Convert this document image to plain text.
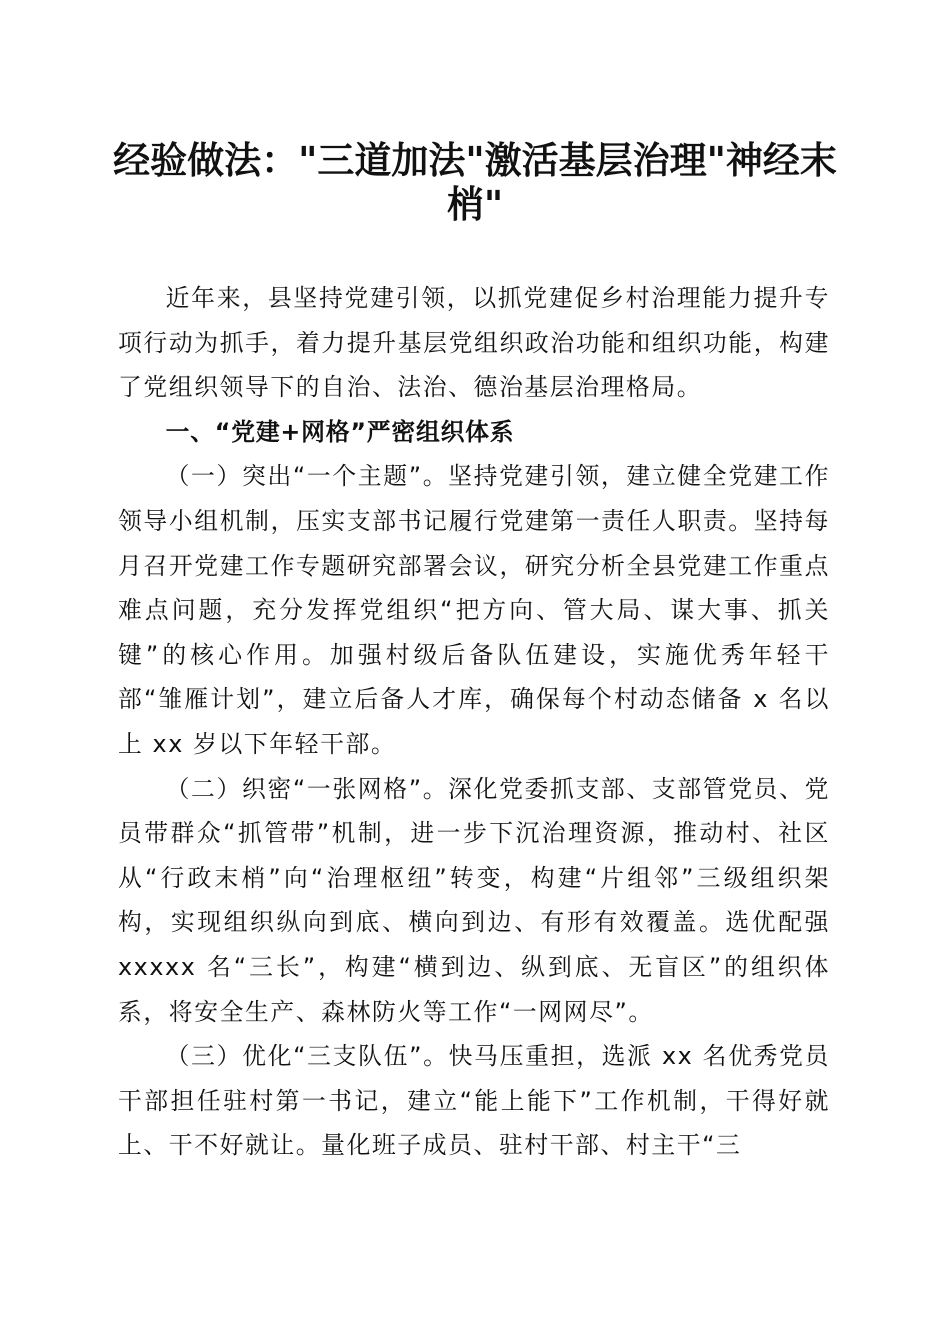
经验做法："三道加法"激活基层治理"神经末梢"

近年来，县坚持党建引领，以抓党建促乡村治理能力提升专项行动为抓手，着力提升基层党组织政治功能和组织功能，构建了党组织领导下的自治、法治、德治基层治理格局。

一、“党建+网格”严密组织体系

（一）突出“一个主题”。坚持党建引领，建立健全党建工作领导小组机制，压实支部书记履行党建第一责任人职责。坚持每月召开党建工作专题研究部署会议，研究分析全县党建工作重点难点问题，充分发挥党组织“把方向、管大局、谋大事、抓关键”的核心作用。加强村级后备队伍建设，实施优秀年轻干部“雏雁计划”，建立后备人才库，确保每个村动态储备 x 名以上 xx 岁以下年轻干部。

（二）织密“一张网格”。深化党委抓支部、支部管党员、党员带群众“抓管带”机制，进一步下沉治理资源，推动村、社区从“行政末梢”向“治理枢纽”转变，构建“片组邻”三级组织架构，实现组织纵向到底、横向到边、有形有效覆盖。选优配强 xxxxx 名“三长”，构建“横到边、纵到底、无盲区”的组织体系，将安全生产、森林防火等工作“一网网尽”。

（三）优化“三支队伍”。快马压重担，选派 xx 名优秀党员干部担任驻村第一书记，建立“能上能下”工作机制，干得好就上、干不好就让。量化班子成员、驻村干部、村主干“三
